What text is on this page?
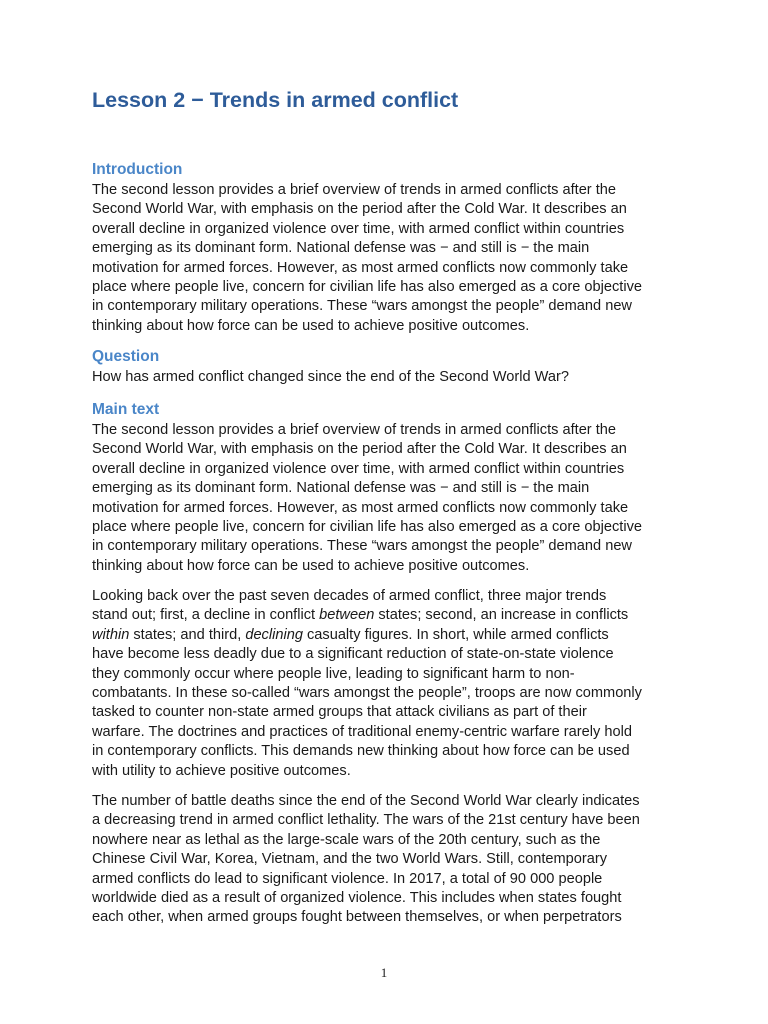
Lesson 2 − Trends in armed conflict
Introduction

The second lesson provides a brief overview of trends in armed conflicts after the
Second World War, with emphasis on the period after the Cold War. It describes an
overall decline in organized violence over time, with armed conflict within countries
emerging as its dominant form. National defense was − and still is − the main
motivation for armed forces. However, as most armed conflicts now commonly take
place where people live, concern for civilian life has also emerged as a core objective
in contemporary military operations. These “wars amongst the people” demand new
thinking about how force can be used to achieve positive outcomes.

Question

How has armed conflict changed since the end of the Second World War?

Main text

The second lesson provides a brief overview of trends in armed conflicts after the
Second World War, with emphasis on the period after the Cold War. It describes an
overall decline in organized violence over time, with armed conflict within countries
emerging as its dominant form. National defense was − and still is − the main
motivation for armed forces. However, as most armed conflicts now commonly take
place where people live, concern for civilian life has also emerged as a core objective
in contemporary military operations. These “wars amongst the people” demand new
thinking about how force can be used to achieve positive outcomes.

Looking back over the past seven decades of armed conflict, three major trends
stand out; first, a decline in conflict between states; second, an increase in conflicts
within states; and third, declining casualty figures. In short, while armed conflicts
have become less deadly due to a significant reduction of state-on-state violence
they commonly occur where people live, leading to significant harm to non-
combatants. In these so-called “wars amongst the people”, troops are now commonly
tasked to counter non-state armed groups that attack civilians as part of their
warfare. The doctrines and practices of traditional enemy-centric warfare rarely hold
in contemporary conflicts. This demands new thinking about how force can be used
with utility to achieve positive outcomes.

The number of battle deaths since the end of the Second World War clearly indicates
a decreasing trend in armed conflict lethality. The wars of the 21st century have been
nowhere near as lethal as the large-scale wars of the 20th century, such as the
Chinese Civil War, Korea, Vietnam, and the two World Wars. Still, contemporary
armed conflicts do lead to significant violence. In 2017, a total of 90 000 people
worldwide died as a result of organized violence. This includes when states fought
each other, when armed groups fought between themselves, or when perpetrators

1
